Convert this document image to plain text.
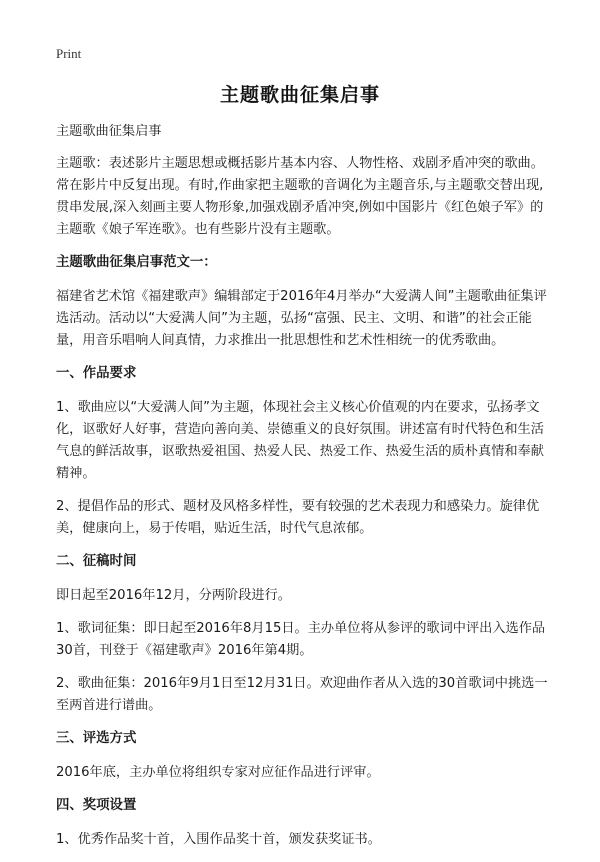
Print
主题歌曲征集启事

主题歌曲征集启事

主题歌：表述影片主题思想或概括影片基本内容、人物性格、戏剧矛盾冲突的歌曲。常在影片中反复出现。有时,作曲家把主题歌的音调化为主题音乐,与主题歌交替出现,贯串发展,深入刻画主要人物形象,加强戏剧矛盾冲突,例如中国影片《红色娘子军》的主题歌《娘子军连歌》。也有些影片没有主题歌。

主题歌曲征集启事范文一：

福建省艺术馆《福建歌声》编辑部定于2016年4月举办“大爱满人间”主题歌曲征集评选活动。活动以“大爱满人间”为主题，弘扬“富强、民主、文明、和谐”的社会正能量，用音乐唱响人间真情，力求推出一批思想性和艺术性相统一的优秀歌曲。

一、作品要求

1、歌曲应以“大爱满人间”为主题，体现社会主义核心价值观的内在要求，弘扬孝文化，讴歌好人好事，营造向善向美、崇德重义的良好氛围。讲述富有时代特色和生活气息的鲜活故事，讴歌热爱祖国、热爱人民、热爱工作、热爱生活的质朴真情和奉献精神。

2、提倡作品的形式、题材及风格多样性，要有较强的艺术表现力和感染力。旋律优美，健康向上，易于传唱，贴近生活，时代气息浓郁。

二、征稿时间

即日起至2016年12月，分两阶段进行。

1、歌词征集：即日起至2016年8月15日。主办单位将从参评的歌词中评出入选作品30首，刊登于《福建歌声》2016年第4期。

2、歌曲征集：2016年9月1日至12月31日。欢迎曲作者从入选的30首歌词中挑选一至两首进行谱曲。

三、评选方式

2016年底，主办单位将组织专家对应征作品进行评审。

四、奖项设置

1、优秀作品奖十首，入围作品奖十首，颁发获奖证书。
